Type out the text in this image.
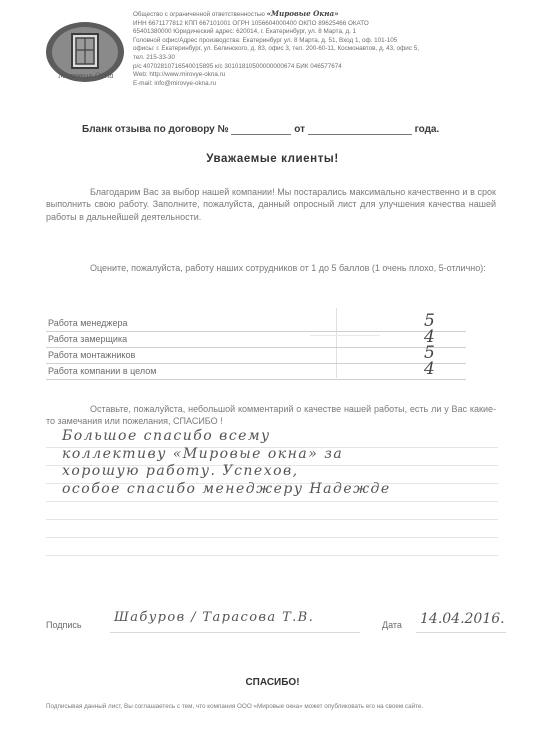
Мировые Окна
Общество с ограниченной ответственностью «Мировые Окна»
ИНН 6671177812 КПП 667101001 ОГРН 1056604000400 ОКПО 89625466 ОКАТО
65401380000 Юридический адрес: 620014, г. Екатеринбург, ул. 8 Марта, д. 1
Головной офис/Адрес производства: Екатеринбург ул. 8 Марта, д. 51, Вход 1, оф. 101-105
офисы: г. Екатеринбург, ул. Белинского, д. 83, офис 3, тел. 200-60-11, Космонавтов, д. 43, офис 5,
тел. 215-33-30
р/с 40702810716540015895 к/с 30101810500000000674 БИК 046577674
Web: http://www.mirovye-okna.ru
E-mail: info@mirovye-okna.ru
Бланк отзыва по договору №	от	года.
Уважаемые клиенты!
Благодарим Вас за выбор нашей компании! Мы постарались максимально качественно и в срок выполнить свою работу. Заполните, пожалуйста, данный опросный лист для улучшения качества нашей работы в дальнейшей деятельности.
Оцените, пожалуйста, работу наших сотрудников от 1 до 5 баллов (1 очень плохо, 5-отлично):
Работа менеджера	5
Работа замерщика	4
Работа монтажников	5
Работа компании в целом	4
Оставьте, пожалуйста, небольшой комментарий о качестве нашей работы, есть ли у Вас какие-то замечания или пожелания, СПАСИБО !
Большое спасибо всему
коллективу «Мировые окна» за
хорошую работу. Успехов,
особое спасибо менеджеру Надежде
Подпись Шабуров / Тарасова Т.В.	Дата 14.04.2016.
СПАСИБО!
Подписывая данный лист, Вы соглашаетесь с тем, что компания ООО «Мировые окна» может опубликовать его на своем сайте.
